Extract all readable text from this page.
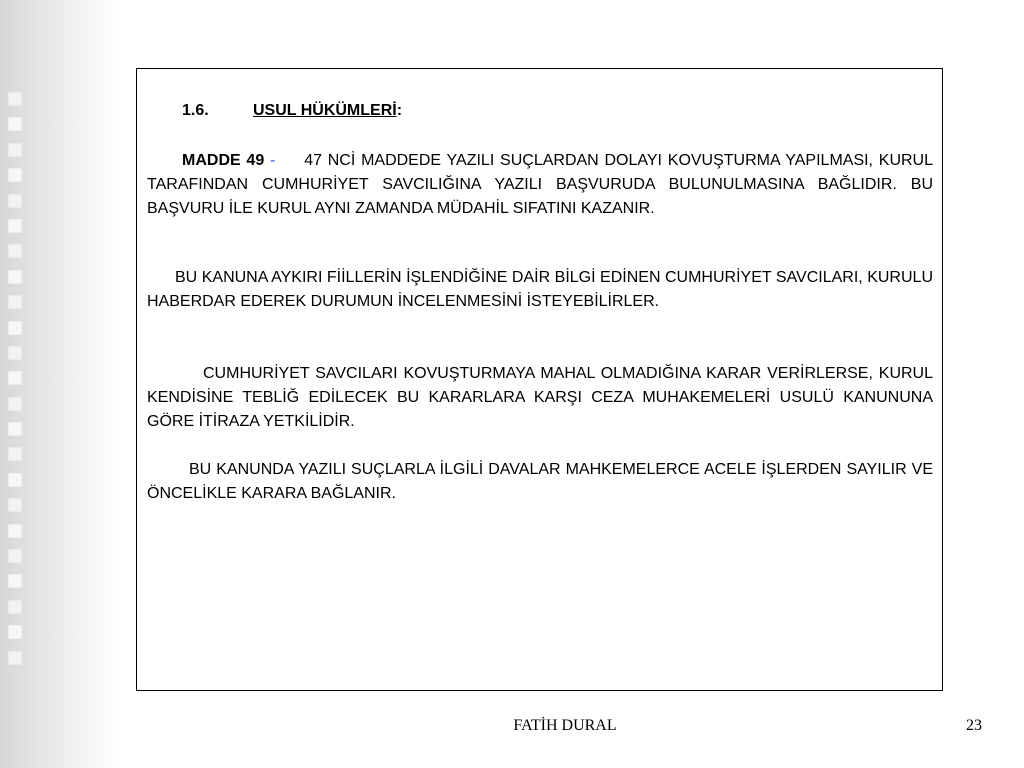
1.6.	USUL HÜKÜMLERİ:

MADDE 49 - 47 NCİ MADDEDE YAZILI SUÇLARDAN DOLAYI KOVUŞTURMA YAPILMASI, KURUL TARAFINDAN CUMHURİYET SAVCILIĞINA YAZILI BAŞVURUDA BULUNULMASINA BAĞLIDIR. BU BAŞVURU İLE KURUL AYNI ZAMANDA MÜDAHİL SIFATINI KAZANIR.

BU KANUNA AYKIRI FİİLLERİN İŞLENDİĞİNE DAİR BİLGİ EDİNEN CUMHURİYET SAVCILARI, KURULU HABERDAR EDEREK DURUMUN İNCELENMESİNİ İSTEYEBİLİRLER.

CUMHURİYET SAVCILARI KOVUŞTURMAYA MAHAL OLMADIĞINA KARAR VERİRLERSE, KURUL KENDİSİNE TEBLİĞ EDİLECEK BU KARARLARA KARŞI CEZA MUHAKEMELERİ USULÜ KANUNUNA GÖRE İTİRAZA YETKİLİDİR.

BU KANUNDA YAZILI SUÇLARLA İLGİLİ DAVALAR MAHKEMELERCE ACELE İŞLERDEN SAYILIR VE ÖNCELİKLE KARARA BAĞLANIR.

FATİH DURAL	23
